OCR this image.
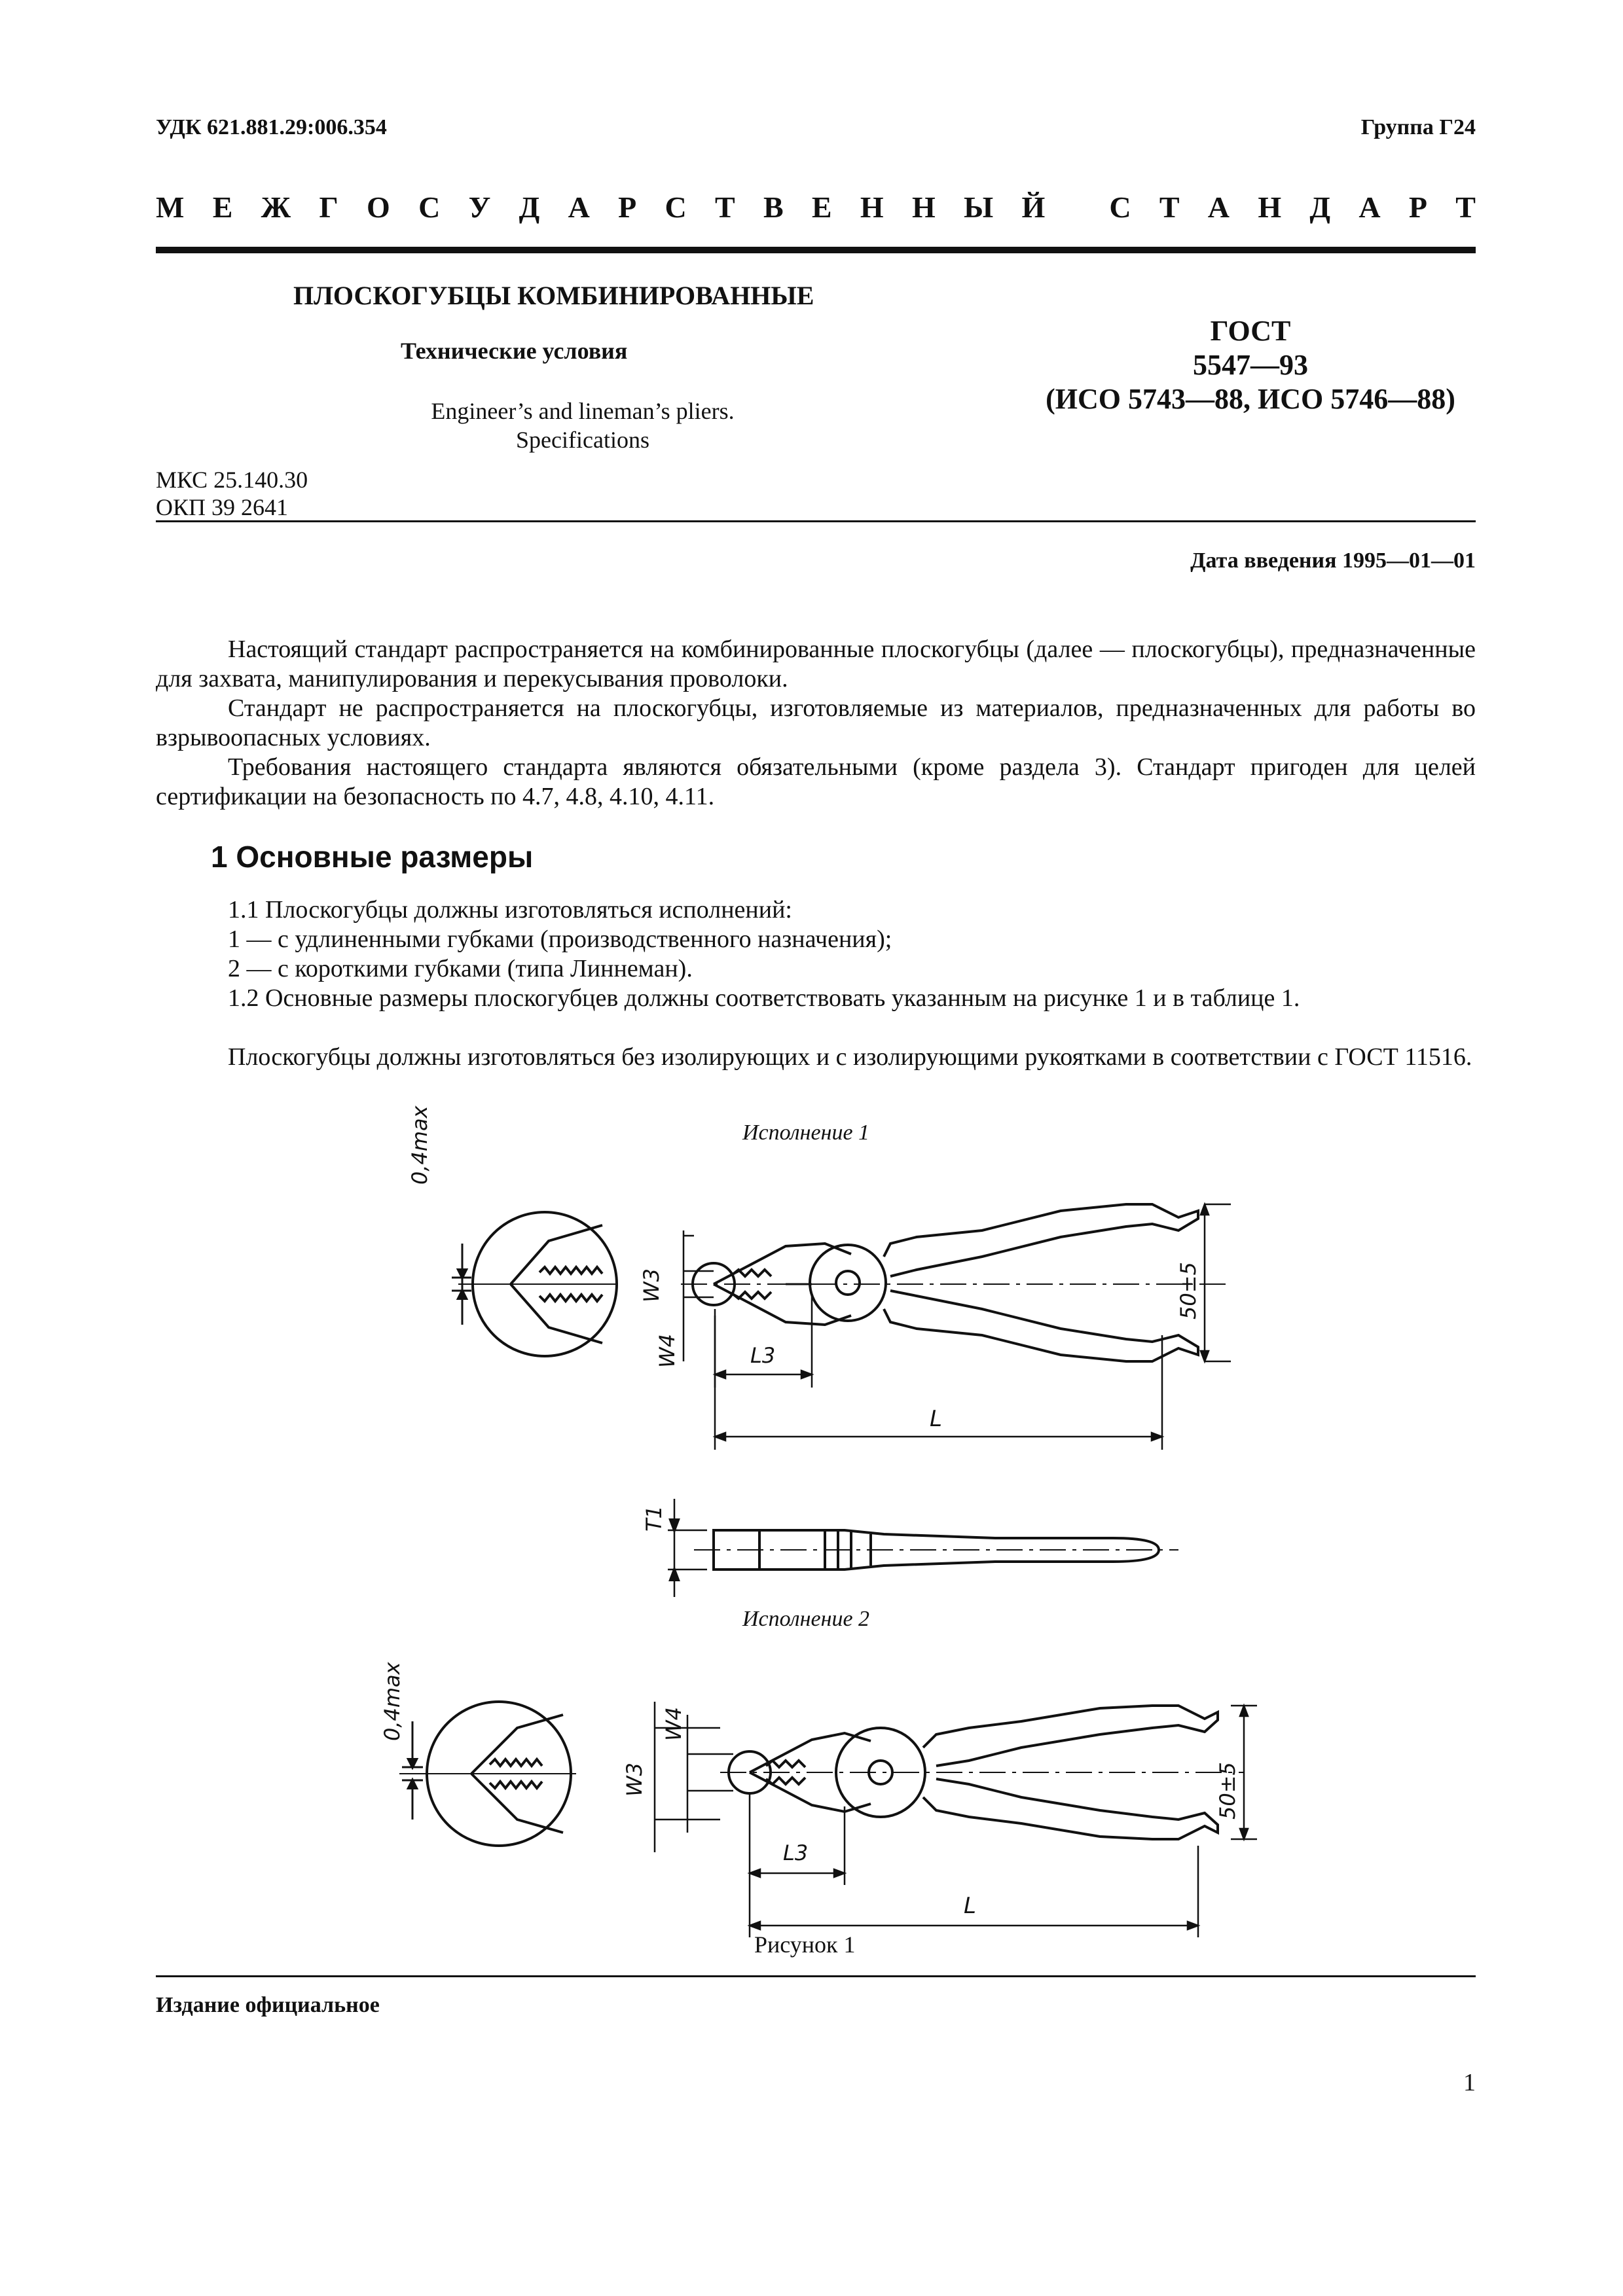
УДК 621.881.29:006.354	Группа Г24
М Е Ж Г О С У Д А Р С Т В Е Н Н Ы Й
С Т А Н Д А Р Т
ПЛОСКОГУБЦЫ КОМБИНИРОВАННЫЕ
Технические условия
Engineer’s and lineman’s pliers.
Specifications
ГОСТ
5547—93
(ИСО 5743—88, ИСО 5746—88)
МКС 25.140.30
ОКП 39 2641
Дата введения 1995—01—01
Настоящий стандарт распространяется на комбинированные плоскогубцы (далее — плоскогубцы), предназначенные для захвата, манипулирования и перекусывания проволоки.
Стандарт не распространяется на плоскогубцы, изготовляемые из материалов, предназначенных для работы во взрывоопасных условиях.
Требования настоящего стандарта являются обязательными (кроме раздела 3). Стандарт пригоден для целей сертификации на безопасность по 4.7, 4.8, 4.10, 4.11.
1 Основные размеры
1.1 Плоскогубцы должны изготовляться исполнений:
1 — с удлиненными губками (производственного назначения);
2 — с короткими губками (типа Линнеман).
1.2 Основные размеры плоскогубцев должны соответствовать указанным на рисунке 1 и в таблице 1.
Плоскогубцы должны изготовляться без изолирующих и с изолирующими рукоятками в соответствии с ГОСТ 11516.
Исполнение 1
Исполнение 2
Рисунок 1
0,4max
W3
W4	L3
L
50±5
T1
0,4max
W3
W4
L3
L
50±5
Издание официальное
1
